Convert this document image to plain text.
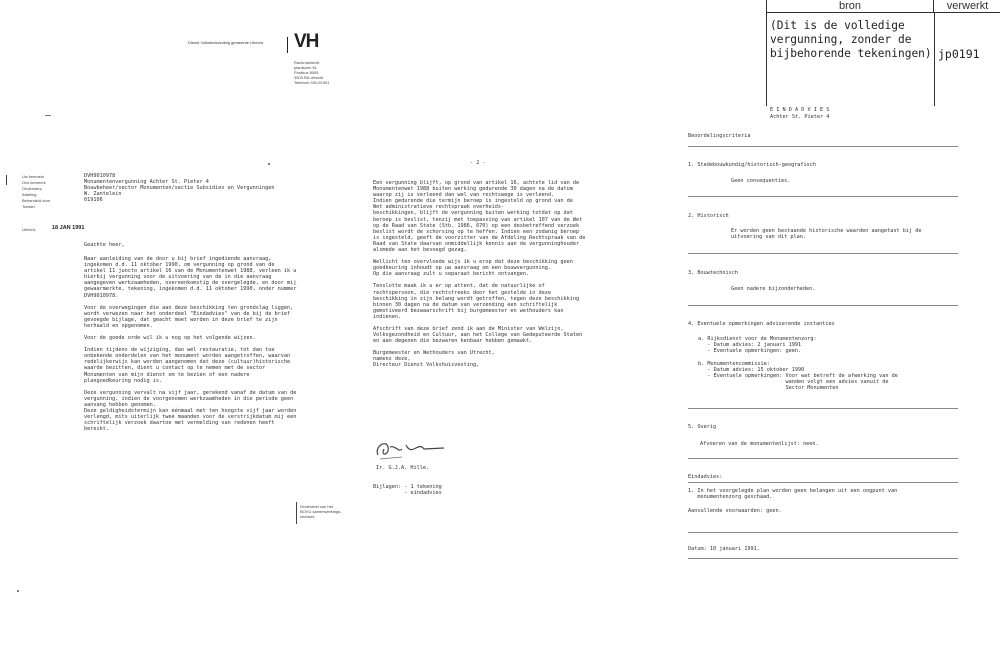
bron	verwerkt
(Dit is de volledige
vergunning, zonder de
bijbehorende tekeningen) jp0191
Dienst Volkshuisvesting gemeente Utrecht VH
Rachmaninoff-
plantsoen 61
Postbus 8005
3503 RA Utrecht
Telefoon 030-91901
Uw kenmerk
Ons kenmerk
Onderwerp
Afdeling
Behandeld door
Toestel
DVH9010978
Monumentenvergunning Achter St. Pieter 4
Bouwbeheer/sector Monumenten/sectie Subsidies en Vergunningen
W. Zantelein
019106
Utrecht,	18 JAN 1991
Geachte heer,
Naar aanleiding van de door u bij brief ingediende aanvraag,
ingekomen d.d. 11 oktober 1990, om vergunning op grond van de
artikel 11 juncto artikel 16 van de Monumentenwet 1988, verleen ik u
hierbij vergunning voor de uitvoering van de in die aanvraag
aangegeven werkzaamheden, overeenkomstig de overgelegde, en door mij
gewaarmerkte, tekening, ingekomen d.d. 11 oktober 1990, onder nummer
DVH9010978.
Voor de overwegingen die aan deze beschikking ten grondslag liggen,
wordt verwezen naar het onderdeel "Eindadvies" van de bij de brief
gevoegde bijlage, dat geacht moet worden in deze brief te zijn
herhaald en opgenomen.
Voor de goede orde wil ik u nog op het volgende wijzen.
Indien tijdens de wijziging, dan wel restauratie, tot dan toe
onbekende onderdelen van het monument worden aangetroffen, waarvan
redelijkerwijs kan worden aangenomen dat deze (cultuur)historische
waarde bezitten, dient u contact op te nemen met de sector
Monumenten van mijn dienst om te bezien of een nadere
plangoedkeuring nodig is.
Deze vergunning vervalt na vijf jaar, gerekend vanaf de datum van de
vergunning, indien de voorgenomen werkzaamheden in die periode geen
aanvang hebben genomen.
Deze geldigheidstermijn kan éénmaal met ten hoogste vijf jaar worden
verlengd, mits uiterlijk twee maanden voor de verstrijkdatum mij een
schriftelijk verzoek daartoe met vermelding van redenen heeft
bereikt.
Onderdeel van het
BOVU samenwerkings-
verband
- 2 -
Een vergunning blijft, op grond van artikel 16, achtste lid van de
Monumentenwet 1988 buiten werking gedurende 30 dagen na de datum
waarop zij is verleend dan wel van rechtswege is verleend.
Indien gedurende die termijn beroep is ingesteld op grond van de
Wet administratieve rechtspraak overheids-
beschikkingen, blijft de vergunning buiten werking totdat op dat
beroep is beslist, tenzij met toepassing van artikel 107 van de Wet
op de Raad van State (Stb. 1986, 670) op een desbetreffend verzoek
beslist wordt de schorsing op te heffen. Indien een zodanig beroep
is ingesteld, geeft de voorzitter van de Afdeling Rechtspraak van de
Raad van State daarvan onmiddellijk kennis aan de vergunninghouder
alsmede aan het bevoegd gezag.
Wellicht ten overvloede wijs ik u erop dat deze beschikking geen
goedkeuring inhoudt op uw aanvraag om een bouwvergunning.
Op die aanvraag zult u separaat bericht ontvangen.
Tenslotte maak ik u er op attent, dat de natuurlijke of
rechtspersoon, die rechtstreeks door het gestelde in deze
beschikking in zijn belang wordt getroffen, tegen deze beschikking
binnen 30 dagen na de datum van verzending een schriftelijk
gemotiveerd bezwaarschrift bij burgemeester en wethouders kan
indienen.
Afschrift van deze brief zend ik aan de Minister van Welzijn,
Volksgezondheid en Cultuur, aan het College van Gedeputeerde Staten
en aan degenen die bezwaren kenbaar hebben gemaakt.
Burgemeester en Wethouders van Utrecht,
namens deze,
Directeur Dienst Volkshuisvesting,
Ir. G.J.A. Hille.
Bijlagen: - 1 tekening
- eindadvies
E I N D A D V I E S
Achter St. Pieter 4
Beoordelingscriteria
1. Stedebouwkundig/historisch-geografisch
Geen consequenties.
2. Historisch
Er worden geen bestaande historische waarden aangetast bij de
uitvoering van dit plan.
3. Bouwtechnisch
Geen nadere bijzonderheden.
4. Eventuele opmerkingen adviserende instanties
a. Rijksdienst voor de Monumentenzorg:
- Datum advies: 2 januari 1991
- Eventuele opmerkingen: geen.
b. Monumentencommissie:
- Datum advies: 15 oktober 1990
- Eventuele opmerkingen: Voor wat betreft de afwerking van de
wanden volgt een advies vanuit de
Sector Monumenten
5. Overig
Afvoeren van de monumentenlijst: neen.
Eindadvies:
1. In het voorgelegde plan worden geen belangen uit een oogpunt van
monumentenzorg geschaad.
Aanvullende voorwaarden: geen.
Datum: 10 januari 1991.
